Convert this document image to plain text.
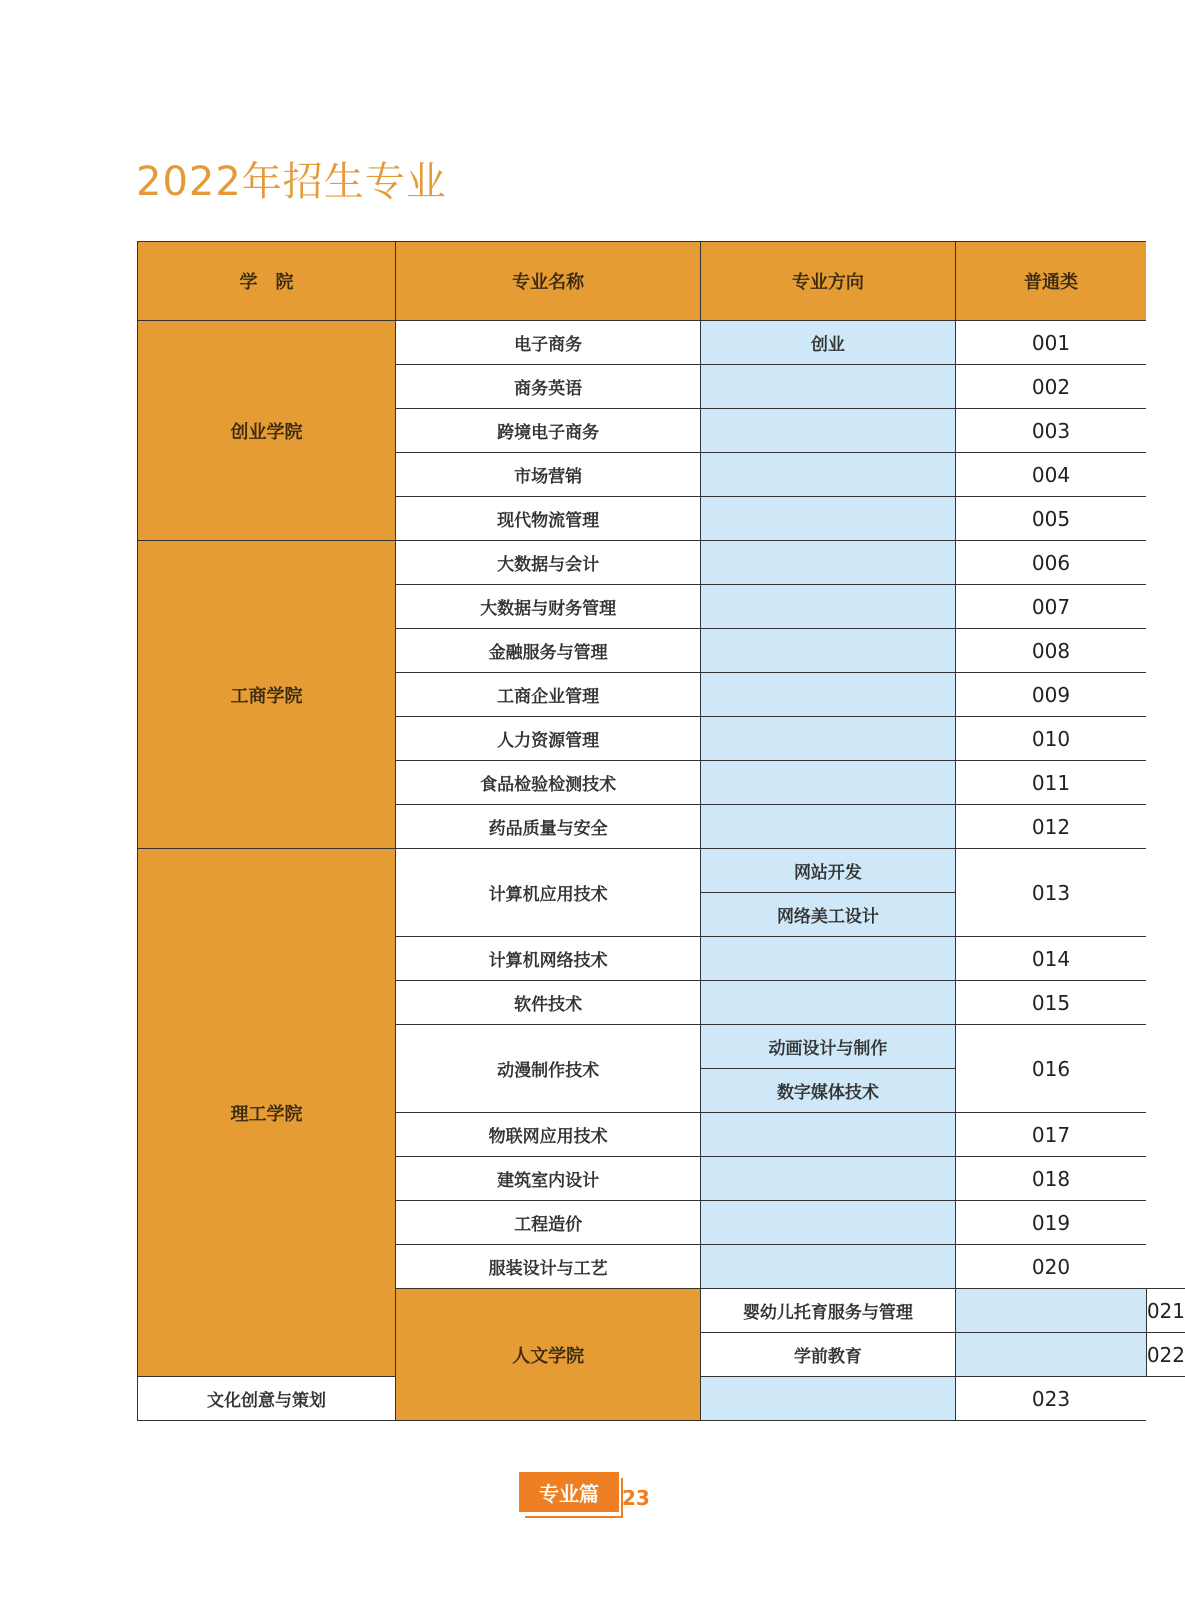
2022年招生专业
学　院	专业名称	专业方向	普通类	
创业学院	电子商务	创业	001	
	商务英语		002	
	跨境电子商务		003	
	市场营销		004	
	现代物流管理		005	
工商学院	大数据与会计		006	
	大数据与财务管理		007	
	金融服务与管理		008	
	工商企业管理		009	
	人力资源管理		010	
	食品检验检测技术		011	
	药品质量与安全		012	
理工学院	计算机应用技术	网站开发	013	
		网络美工设计		
	计算机网络技术		014	
	软件技术		015	
	动漫制作技术	动画设计与制作	016	
		数字媒体技术		
	物联网应用技术		017	
	建筑室内设计		018	
	工程造价		019	
	服装设计与工艺		020	
	人文学院	婴幼儿托育服务与管理		021
		学前教育		022
文化创意与策划			023	
专业篇	23
